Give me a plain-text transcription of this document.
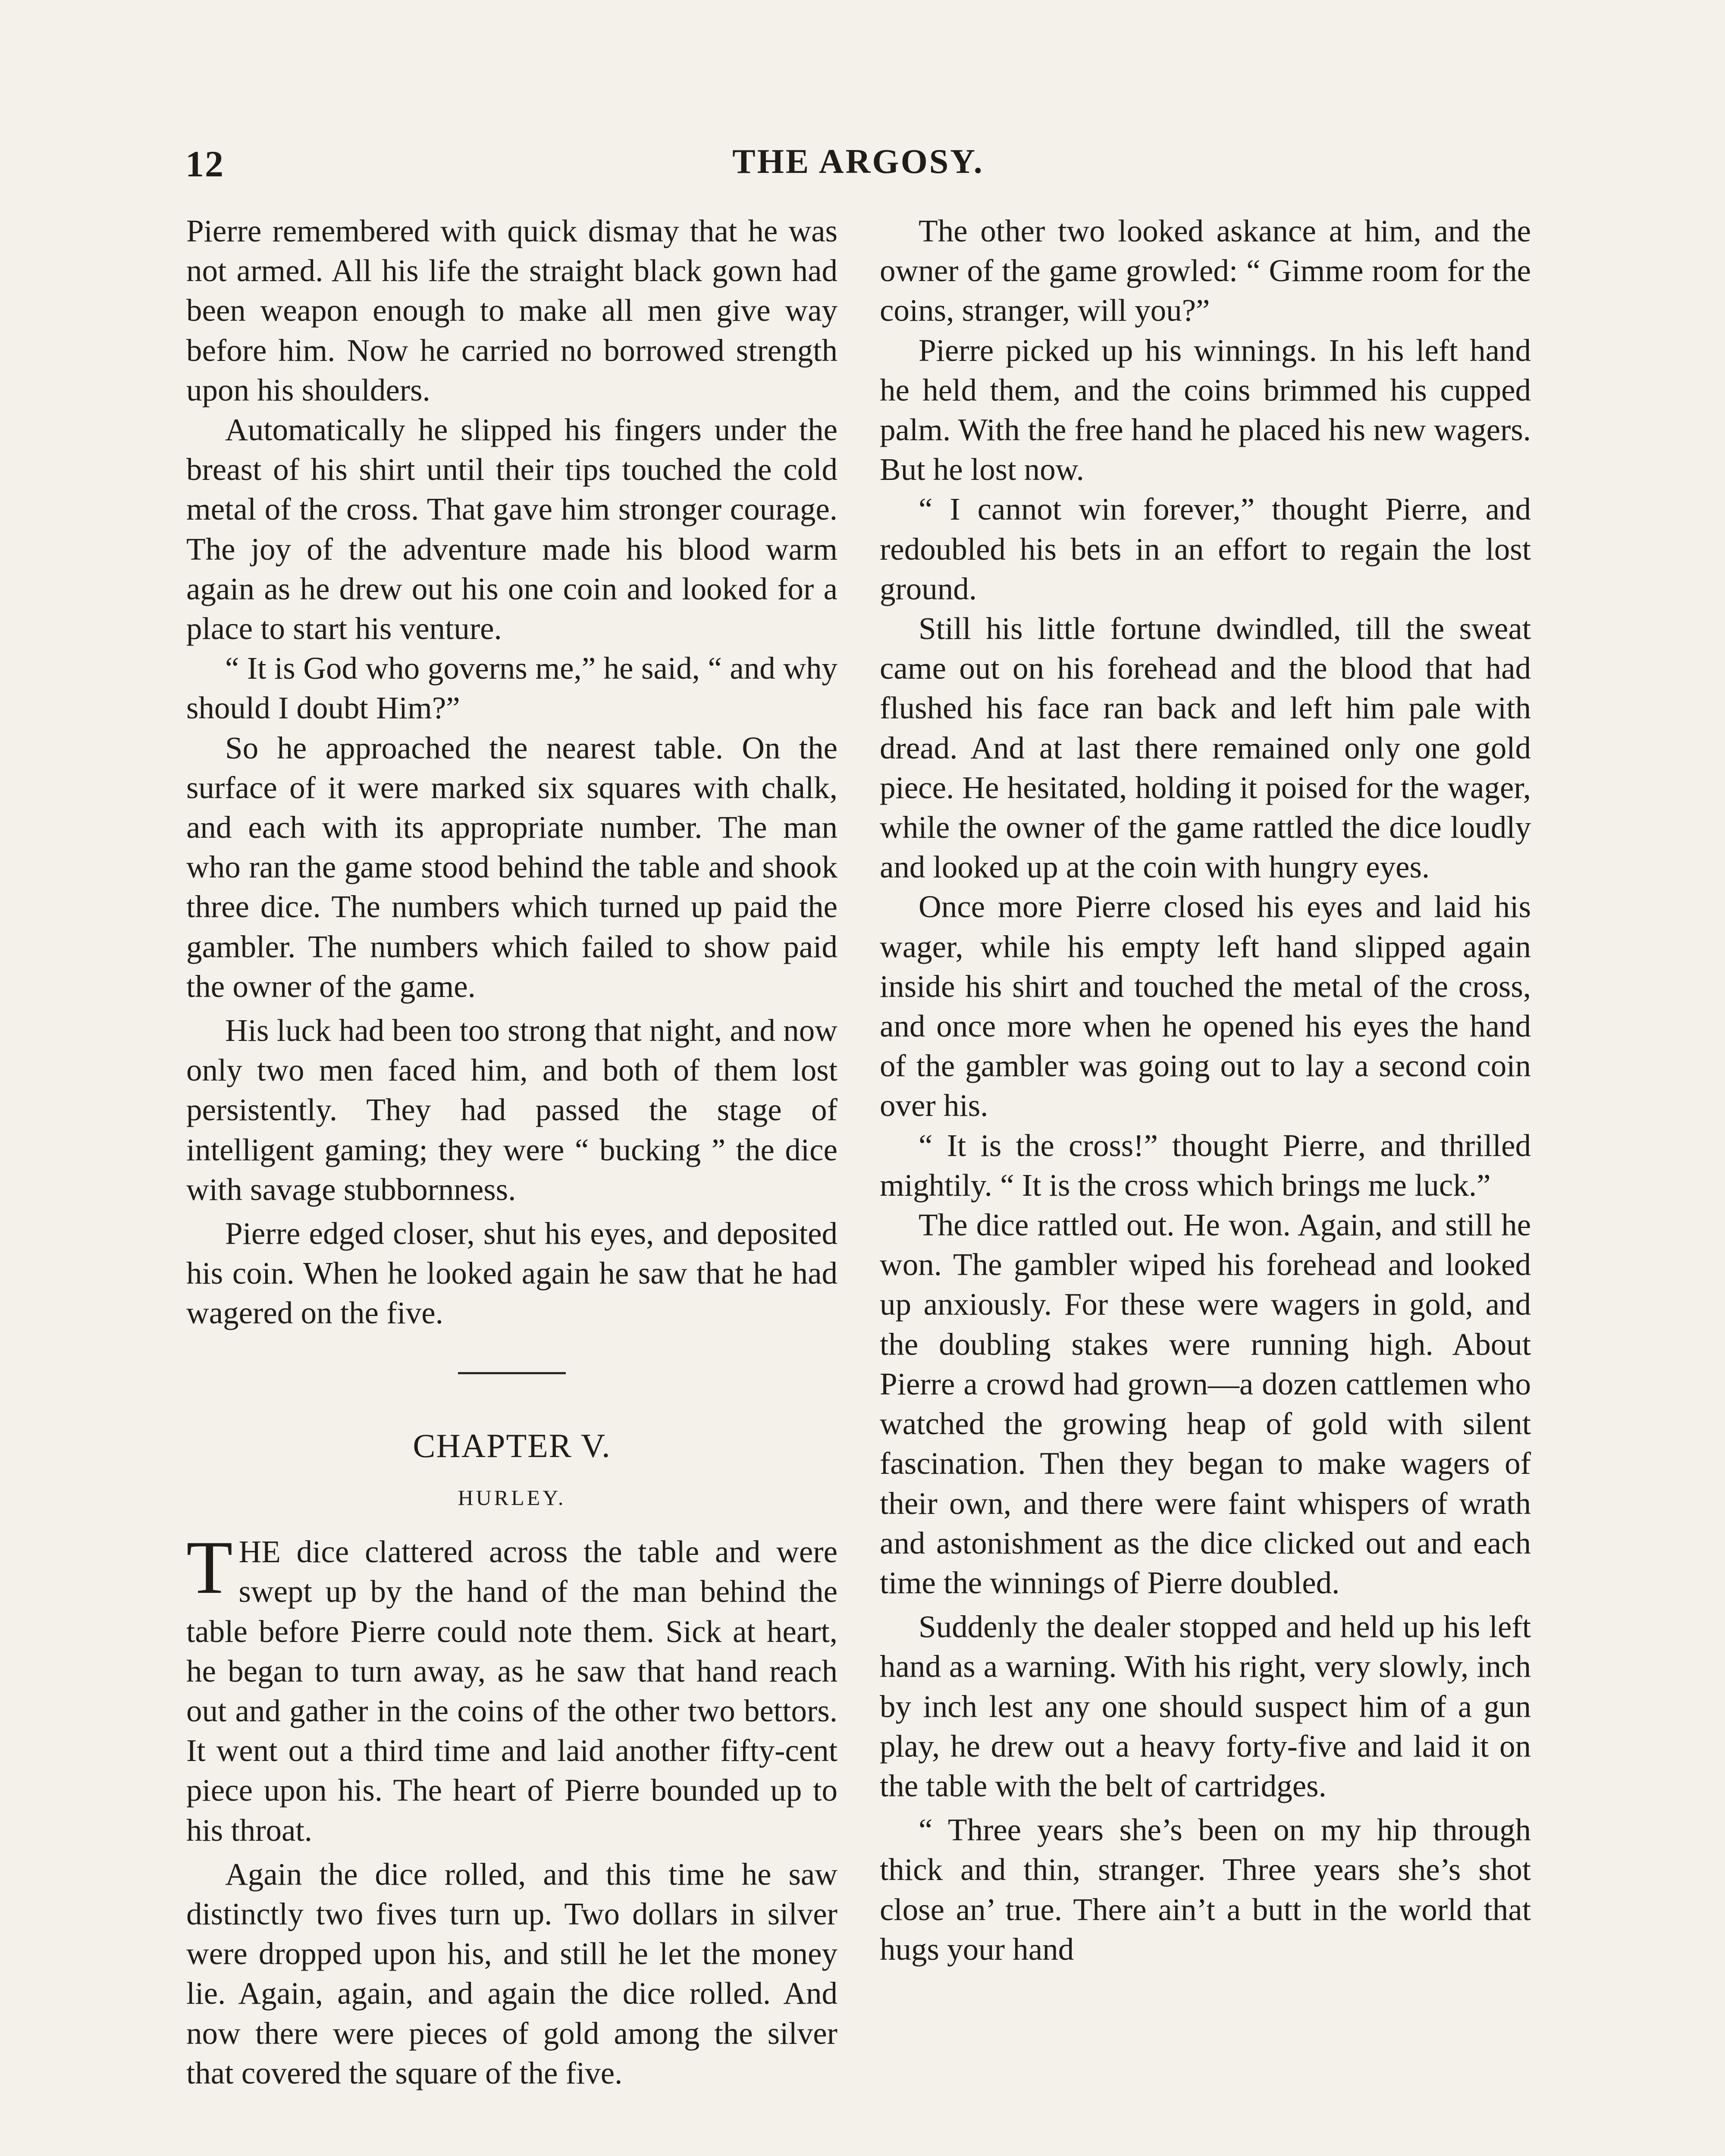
12	THE ARGOSY.

Pierre remembered with quick dismay that he was not armed. All his life the straight black gown had been weapon enough to make all men give way before him. Now he carried no borrowed strength upon his shoulders.

Automatically he slipped his fingers under the breast of his shirt until their tips touched the cold metal of the cross. That gave him stronger courage. The joy of the adventure made his blood warm again as he drew out his one coin and looked for a place to start his venture.

“ It is God who governs me,” he said, “ and why should I doubt Him?”

So he approached the nearest table. On the surface of it were marked six squares with chalk, and each with its appropriate number. The man who ran the game stood behind the table and shook three dice. The numbers which turned up paid the gambler. The numbers which failed to show paid the owner of the game.

His luck had been too strong that night, and now only two men faced him, and both of them lost persistently. They had passed the stage of intelligent gaming; they were “ bucking ” the dice with savage stubbornness.

Pierre edged closer, shut his eyes, and deposited his coin. When he looked again he saw that he had wagered on the five.

CHAPTER V.
HURLEY.

THE dice clattered across the table and were swept up by the hand of the man behind the table before Pierre could note them. Sick at heart, he began to turn away, as he saw that hand reach out and gather in the coins of the other two bettors. It went out a third time and laid another fifty-cent piece upon his. The heart of Pierre bounded up to his throat.

Again the dice rolled, and this time he saw distinctly two fives turn up. Two dollars in silver were dropped upon his, and still he let the money lie. Again, again, and again the dice rolled. And now there were pieces of gold among the silver that covered the square of the five.

The other two looked askance at him, and the owner of the game growled: “ Gimme room for the coins, stranger, will you?”

Pierre picked up his winnings. In his left hand he held them, and the coins brimmed his cupped palm. With the free hand he placed his new wagers. But he lost now.

“ I cannot win forever,” thought Pierre, and redoubled his bets in an effort to regain the lost ground.

Still his little fortune dwindled, till the sweat came out on his forehead and the blood that had flushed his face ran back and left him pale with dread. And at last there remained only one gold piece. He hesitated, holding it poised for the wager, while the owner of the game rattled the dice loudly and looked up at the coin with hungry eyes.

Once more Pierre closed his eyes and laid his wager, while his empty left hand slipped again inside his shirt and touched the metal of the cross, and once more when he opened his eyes the hand of the gambler was going out to lay a second coin over his.

“ It is the cross!” thought Pierre, and thrilled mightily. “ It is the cross which brings me luck.”

The dice rattled out. He won. Again, and still he won. The gambler wiped his forehead and looked up anxiously. For these were wagers in gold, and the doubling stakes were running high. About Pierre a crowd had grown—a dozen cattlemen who watched the growing heap of gold with silent fascination. Then they began to make wagers of their own, and there were faint whispers of wrath and astonishment as the dice clicked out and each time the winnings of Pierre doubled.

Suddenly the dealer stopped and held up his left hand as a warning. With his right, very slowly, inch by inch lest any one should suspect him of a gun play, he drew out a heavy forty-five and laid it on the table with the belt of cartridges.

“ Three years she’s been on my hip through thick and thin, stranger. Three years she’s shot close an’ true. There ain’t a butt in the world that hugs your hand
